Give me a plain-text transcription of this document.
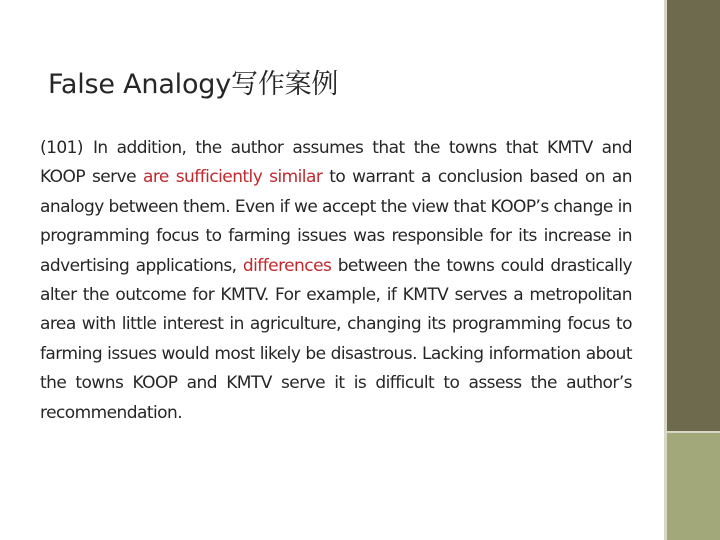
False Analogy写作案例

(101) In addition, the author assumes that the towns that KMTV and KOOP serve are sufficiently similar to warrant a conclusion based on an analogy between them. Even if we accept the view that KOOP’s change in programming focus to farming issues was responsible for its increase in advertising applications, differences between the towns could drastically alter the outcome for KMTV. For example, if KMTV serves a metropolitan area with little interest in agriculture, changing its programming focus to farming issues would most likely be disastrous. Lacking information about the towns KOOP and KMTV serve it is difficult to assess the author’s recommendation.
